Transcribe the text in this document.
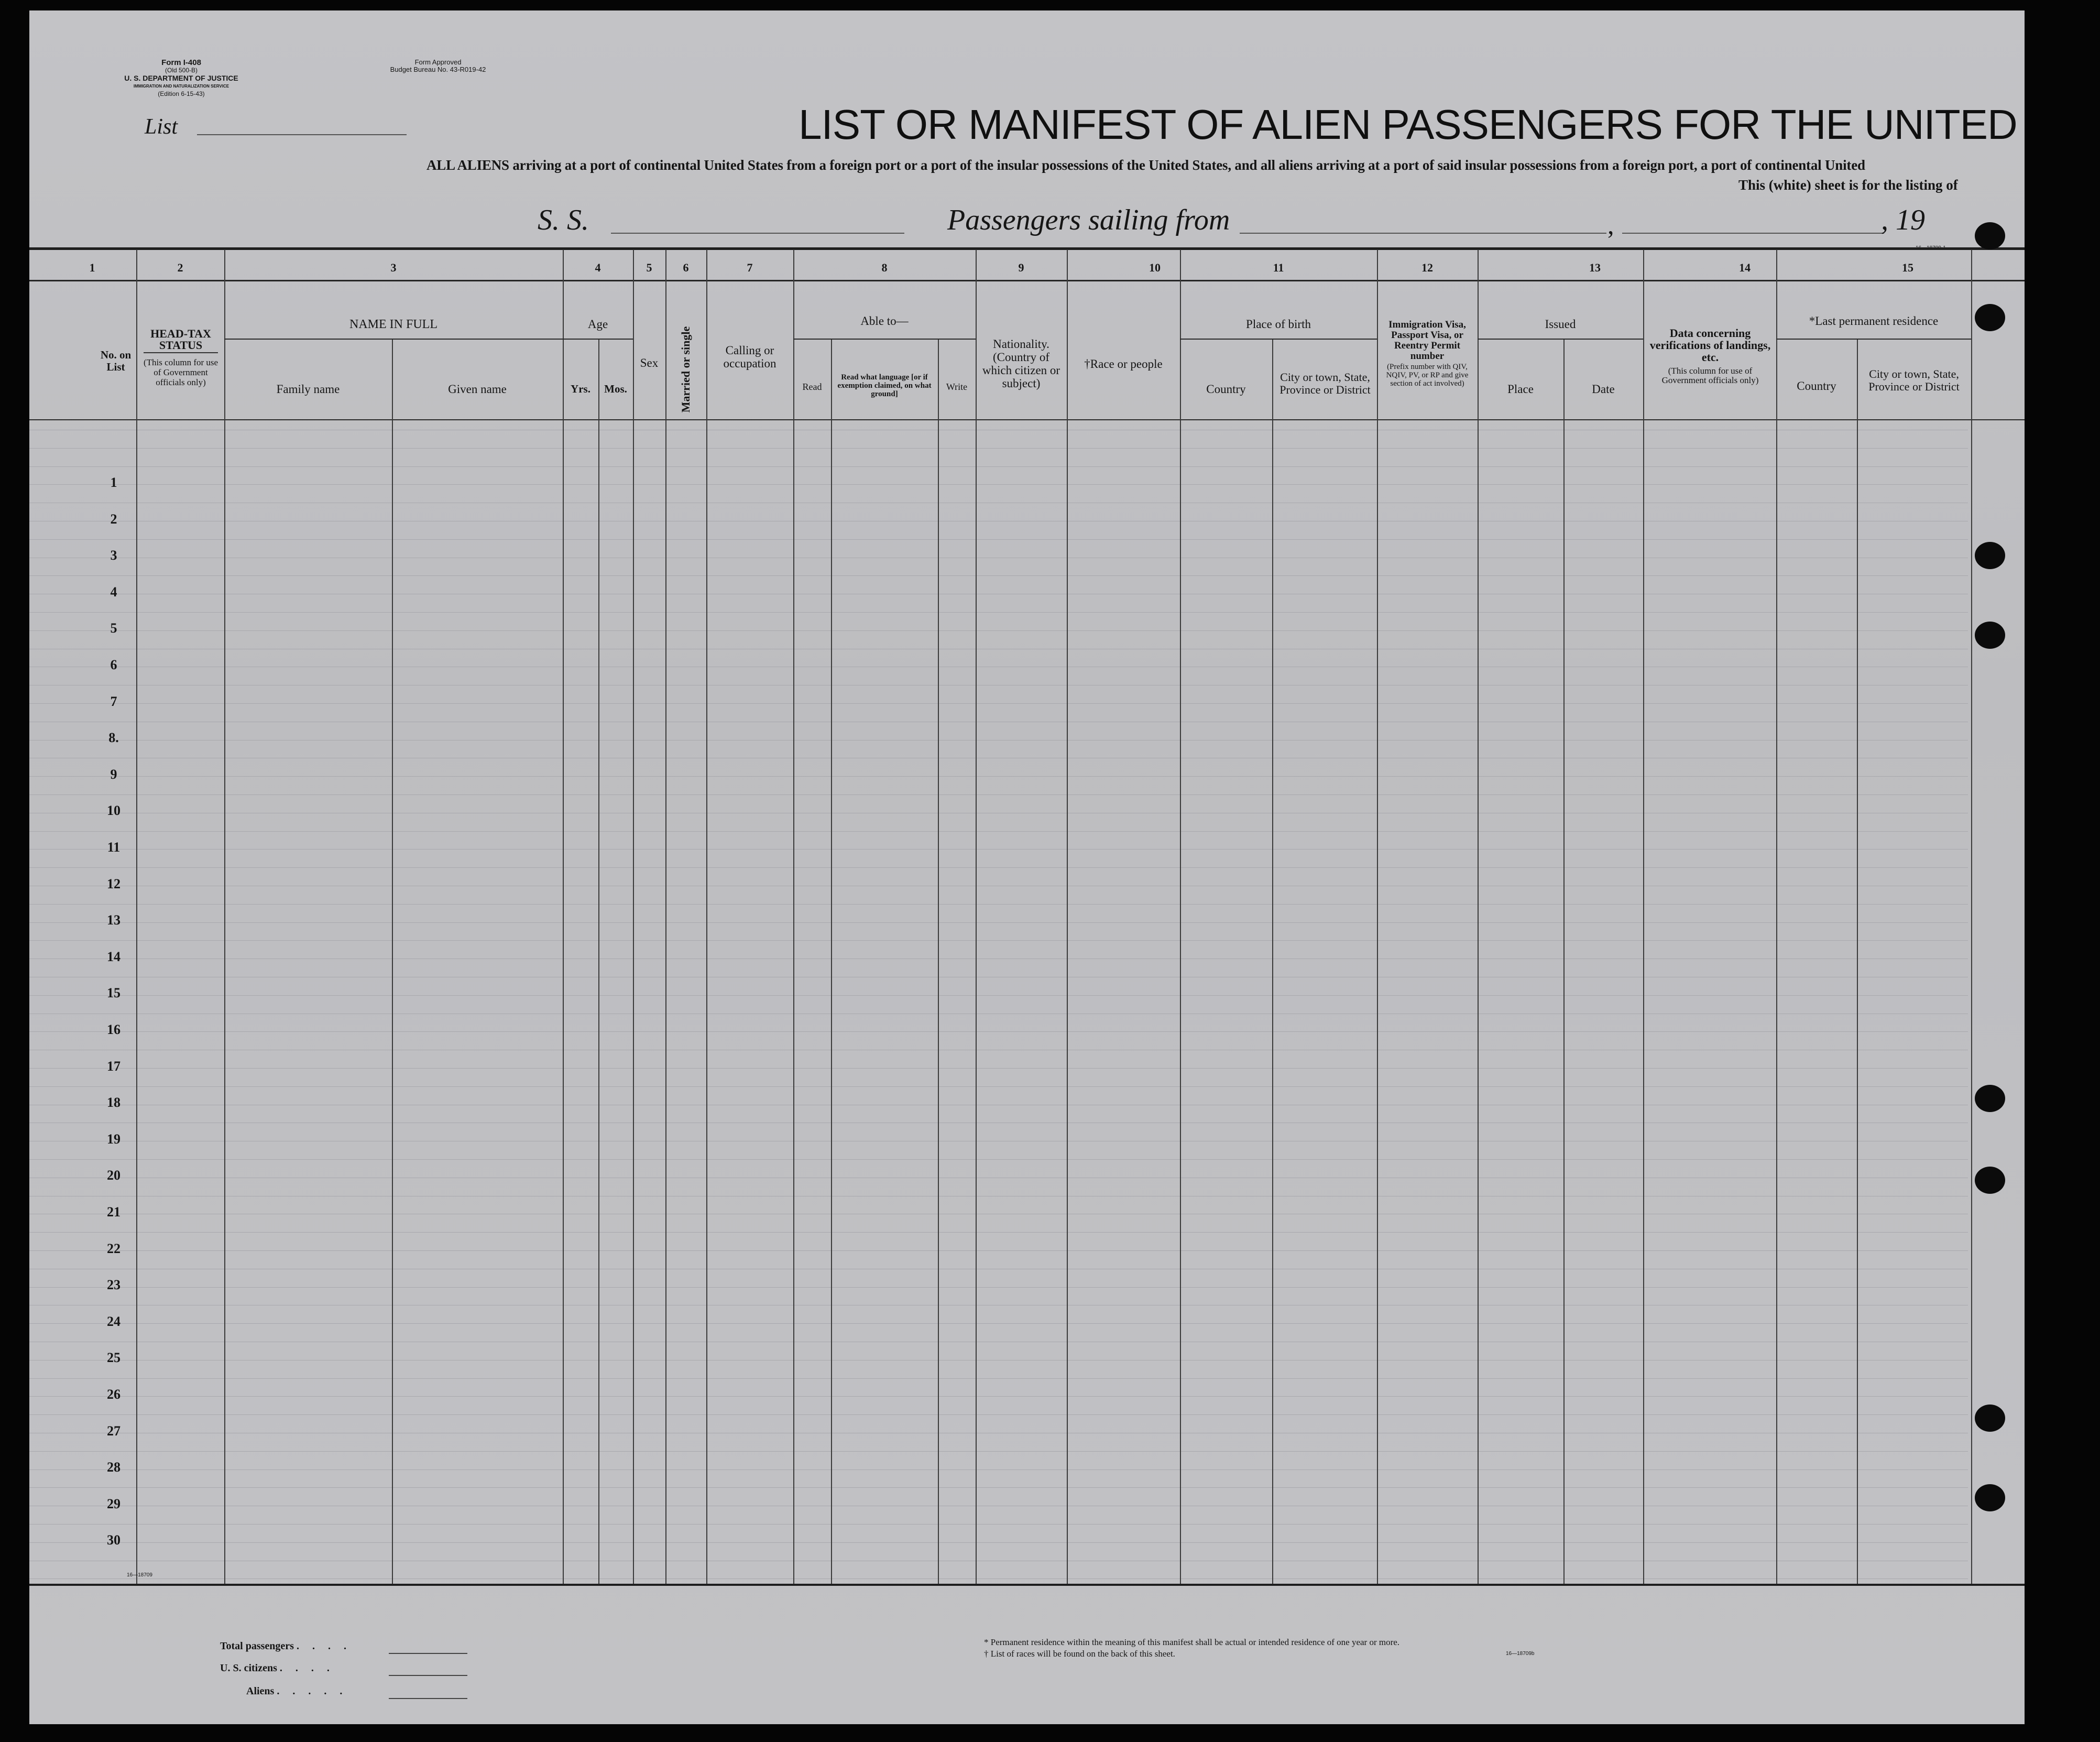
Form I-408
(Old 500-B)
U. S. DEPARTMENT OF JUSTICE
IMMIGRATION AND NATURALIZATION SERVICE
(Edition 6-15-43)
Form Approved
Budget Bureau No. 43-R019-42
List	LIST OR MANIFEST OF ALIEN PASSENGERS FOR THE UNITED
ALL ALIENS arriving at a port of continental United States from a foreign port or a port of the insular possessions of the United States, and all aliens arriving at a port of said insular possessions from a foreign port, a port of continental United
This (white) sheet is for the listing of
S. S.	Passengers sailing from	,	, 19
1	2	3	4	5	6	7	8	9	10	11	12	13	14	15
No. on List
HEAD-TAX STATUS
(This column for use of Government officials only)
NAME IN FULL
Family name	Given name
Age
Yrs.	Mos.
Sex	Married or single	Calling or occupation
Able to—
Read
Read what language [or if exemption claimed, on what ground]
Write
Nationality. (Country of which citizen or subject)
†Race or people
Place of birth
Country
City or town, State, Province or District
Immigration Visa, Passport Visa, or Reentry Permit number
(Prefix number with QIV, NQIV, PV, or RP and give section of act involved)
Issued
Place	Date
Data concerning verifications of landings, etc.
(This column for use of Government officials only)
*Last permanent residence
Country
City or town, State, Province or District
1
2
3
4
5
6
7
8.
9
10
11
12
13
14
15
16
17
18
19
20
21
22
23
24
25
26
27
28
29
30
16—18709
Total passengers . . . .
U. S. citizens . . . .
Aliens . . . . .
* Permanent residence within the meaning of this manifest shall be actual or intended residence of one year or more.
† List of races will be found on the back of this sheet.	16—18709b
